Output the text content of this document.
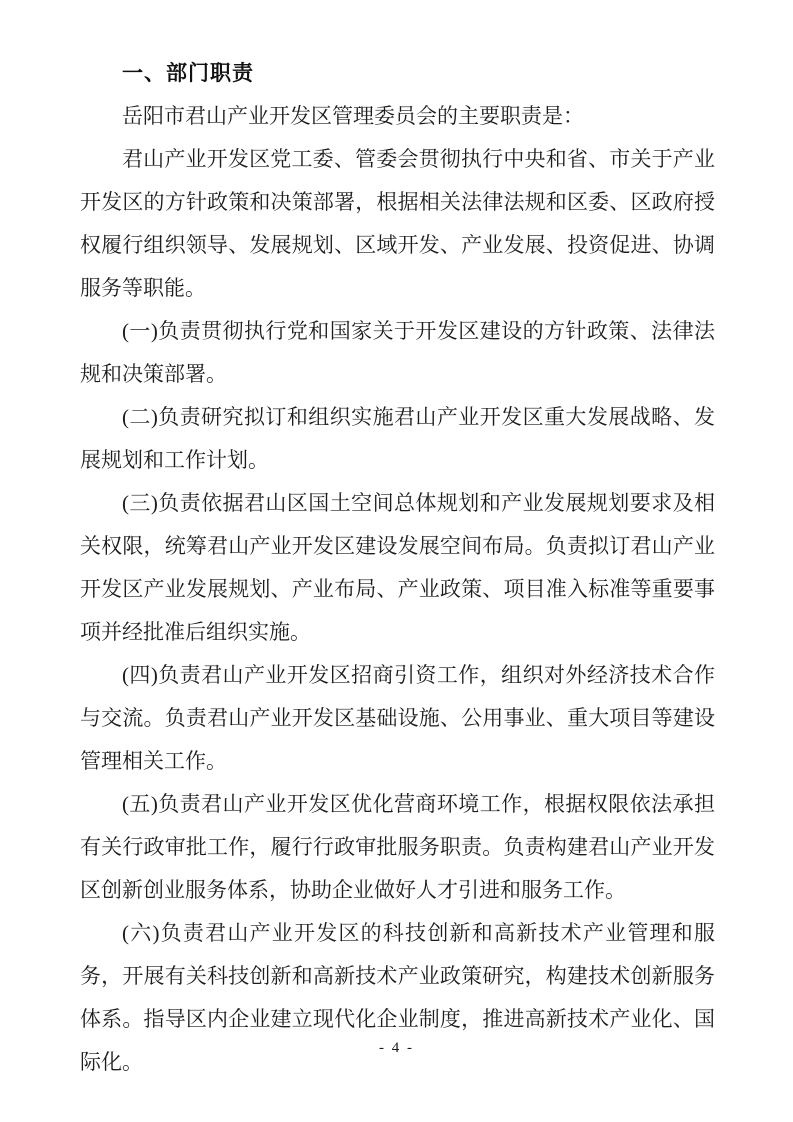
一、部门职责

岳阳市君山产业开发区管理委员会的主要职责是：

君山产业开发区党工委、管委会贯彻执行中央和省、市关于产业开发区的方针政策和决策部署，根据相关法律法规和区委、区政府授权履行组织领导、发展规划、区域开发、产业发展、投资促进、协调服务等职能。

(一)负责贯彻执行党和国家关于开发区建设的方针政策、法律法规和决策部署。

(二)负责研究拟订和组织实施君山产业开发区重大发展战略、发展规划和工作计划。

(三)负责依据君山区国土空间总体规划和产业发展规划要求及相关权限，统筹君山产业开发区建设发展空间布局。负责拟订君山产业开发区产业发展规划、产业布局、产业政策、项目准入标准等重要事项并经批准后组织实施。

(四)负责君山产业开发区招商引资工作，组织对外经济技术合作与交流。负责君山产业开发区基础设施、公用事业、重大项目等建设管理相关工作。

(五)负责君山产业开发区优化营商环境工作，根据权限依法承担有关行政审批工作，履行行政审批服务职责。负责构建君山产业开发区创新创业服务体系，协助企业做好人才引进和服务工作。

(六)负责君山产业开发区的科技创新和高新技术产业管理和服务，开展有关科技创新和高新技术产业政策研究，构建技术创新服务体系。指导区内企业建立现代化企业制度，推进高新技术产业化、国际化。

- 4 -
